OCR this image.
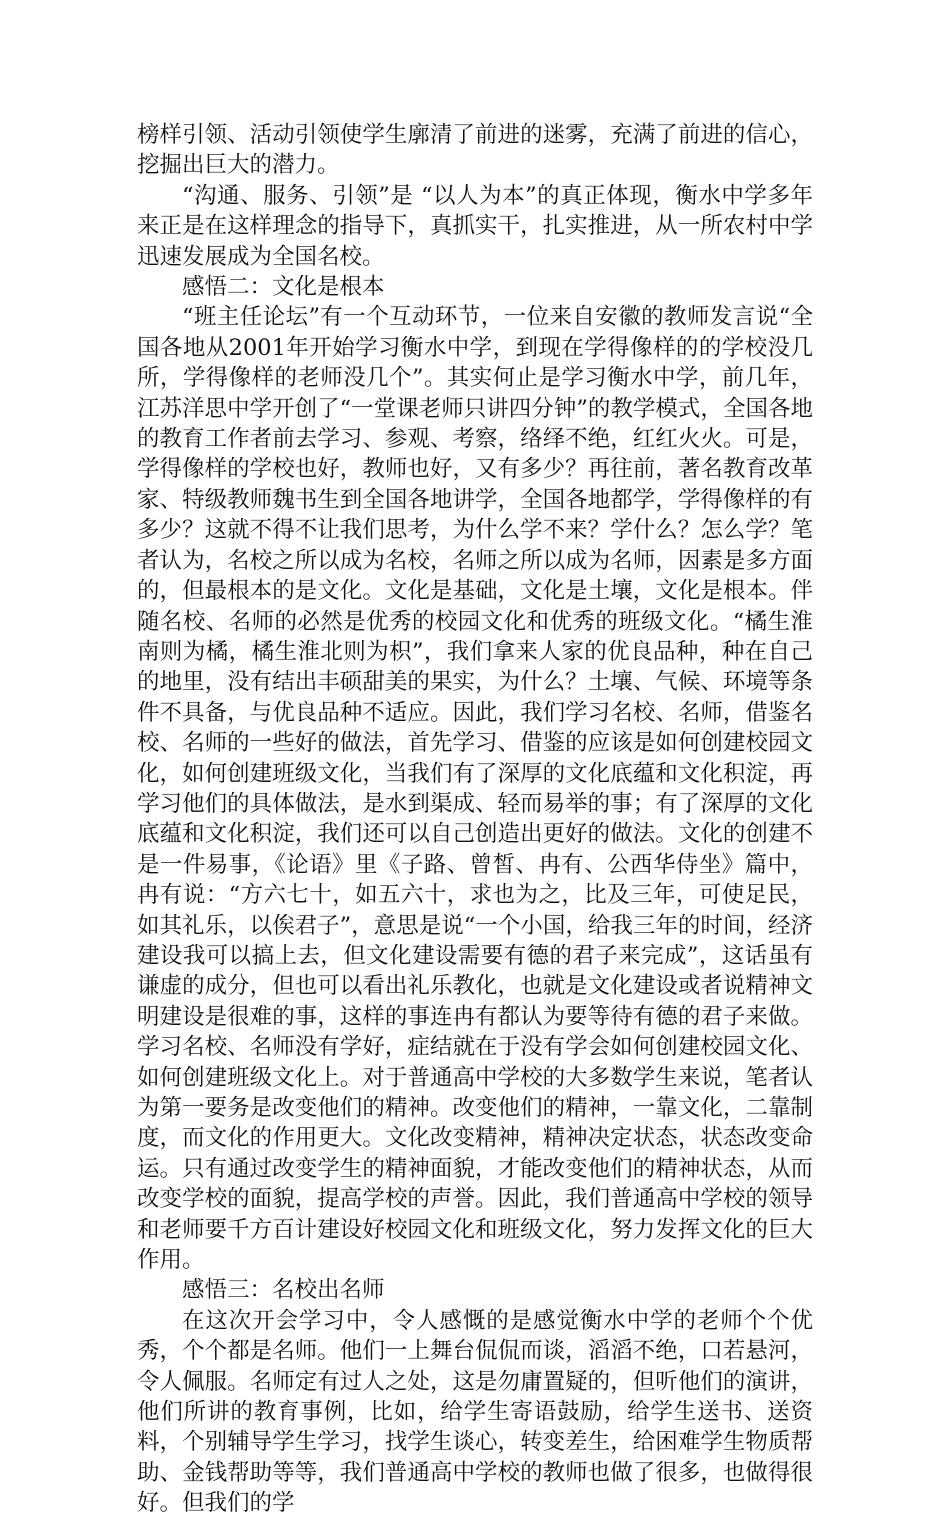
榜样引领、活动引领使学生廓清了前进的迷雾，充满了前进的信心，挖掘出巨大的潜力。

“沟通、服务、引领”是 “以人为本”的真正体现，衡水中学多年来正是在这样理念的指导下，真抓实干，扎实推进，从一所农村中学迅速发展成为全国名校。

感悟二：文化是根本

“班主任论坛”有一个互动环节，一位来自安徽的教师发言说“全国各地从2001年开始学习衡水中学，到现在学得像样的的学校没几所，学得像样的老师没几个”。其实何止是学习衡水中学，前几年，江苏洋思中学开创了“一堂课老师只讲四分钟”的教学模式，全国各地的教育工作者前去学习、参观、考察，络绎不绝，红红火火。可是，学得像样的学校也好，教师也好，又有多少？再往前，著名教育改革家、特级教师魏书生到全国各地讲学，全国各地都学，学得像样的有多少？这就不得不让我们思考，为什么学不来？学什么？怎么学？笔者认为，名校之所以成为名校，名师之所以成为名师，因素是多方面的，但最根本的是文化。文化是基础，文化是土壤，文化是根本。伴随名校、名师的必然是优秀的校园文化和优秀的班级文化。“橘生淮南则为橘，橘生淮北则为枳”，我们拿来人家的优良品种，种在自己的地里，没有结出丰硕甜美的果实，为什么？土壤、气候、环境等条件不具备，与优良品种不适应。因此，我们学习名校、名师，借鉴名校、名师的一些好的做法，首先学习、借鉴的应该是如何创建校园文化，如何创建班级文化，当我们有了深厚的文化底蕴和文化积淀，再学习他们的具体做法，是水到渠成、轻而易举的事；有了深厚的文化底蕴和文化积淀，我们还可以自己创造出更好的做法。文化的创建不是一件易事，《论语》里《子路、曾皙、冉有、公西华侍坐》篇中，冉有说：“方六七十，如五六十，求也为之，比及三年，可使足民，如其礼乐，以俟君子”，意思是说“一个小国，给我三年的时间，经济建设我可以搞上去，但文化建设需要有德的君子来完成”，这话虽有谦虚的成分，但也可以看出礼乐教化，也就是文化建设或者说精神文明建设是很难的事，这样的事连冉有都认为要等待有德的君子来做。学习名校、名师没有学好，症结就在于没有学会如何创建校园文化、如何创建班级文化上。对于普通高中学校的大多数学生来说，笔者认为第一要务是改变他们的精神。改变他们的精神，一靠文化，二靠制度，而文化的作用更大。文化改变精神，精神决定状态，状态改变命运。只有通过改变学生的精神面貌，才能改变他们的精神状态，从而改变学校的面貌，提高学校的声誉。因此，我们普通高中学校的领导和老师要千方百计建设好校园文化和班级文化，努力发挥文化的巨大作用。

感悟三：名校出名师

在这次开会学习中，令人感慨的是感觉衡水中学的老师个个优秀，个个都是名师。他们一上舞台侃侃而谈，滔滔不绝，口若悬河，令人佩服。名师定有过人之处，这是勿庸置疑的，但听他们的演讲，他们所讲的教育事例，比如，给学生寄语鼓励，给学生送书、送资料，个别辅导学生学习，找学生谈心，转变差生，给困难学生物质帮助、金钱帮助等等，我们普通高中学校的教师也做了很多，也做得很好。但我们的学
